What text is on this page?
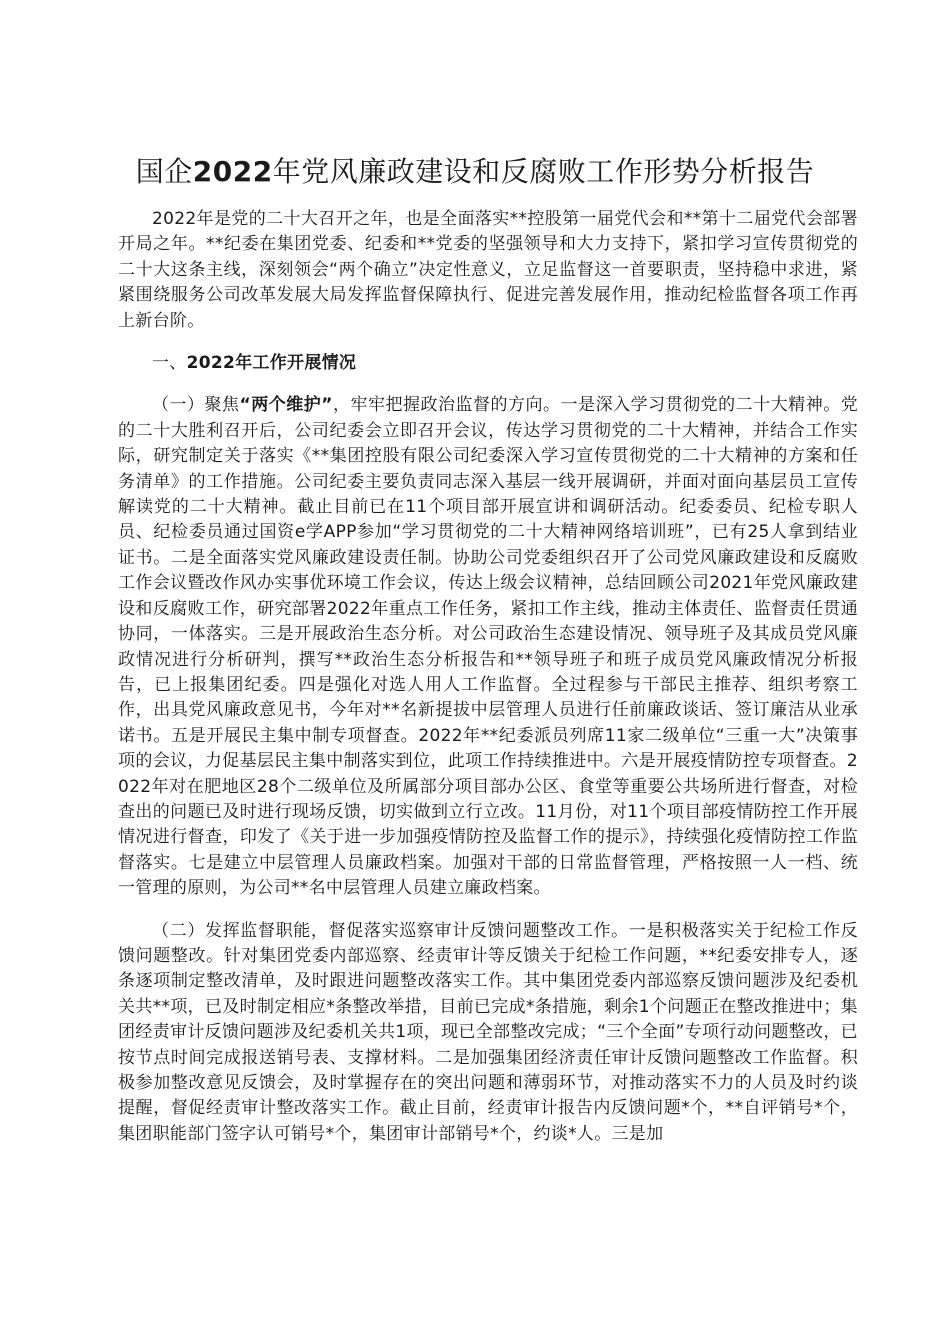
国企2022年党风廉政建设和反腐败工作形势分析报告

2022年是党的二十大召开之年，也是全面落实**控股第一届党代会和**第十二届党代会部署开局之年。**纪委在集团党委、纪委和**党委的坚强领导和大力支持下，紧扣学习宣传贯彻党的二十大这条主线，深刻领会“两个确立”决定性意义，立足监督这一首要职责，坚持稳中求进，紧紧围绕服务公司改革发展大局发挥监督保障执行、促进完善发展作用，推动纪检监督各项工作再上新台阶。

一、2022年工作开展情况

（一）聚焦“两个维护”，牢牢把握政治监督的方向。一是深入学习贯彻党的二十大精神。党的二十大胜利召开后，公司纪委会立即召开会议，传达学习贯彻党的二十大精神，并结合工作实际，研究制定关于落实《**集团控股有限公司纪委深入学习宣传贯彻党的二十大精神的方案和任务清单》的工作措施。公司纪委主要负责同志深入基层一线开展调研，并面对面向基层员工宣传解读党的二十大精神。截止目前已在11个项目部开展宣讲和调研活动。纪委委员、纪检专职人员、纪检委员通过国资e学APP参加“学习贯彻党的二十大精神网络培训班”，已有25人拿到结业证书。二是全面落实党风廉政建设责任制。协助公司党委组织召开了公司党风廉政建设和反腐败工作会议暨改作风办实事优环境工作会议，传达上级会议精神，总结回顾公司2021年党风廉政建设和反腐败工作，研究部署2022年重点工作任务，紧扣工作主线，推动主体责任、监督责任贯通协同，一体落实。三是开展政治生态分析。对公司政治生态建设情况、领导班子及其成员党风廉政情况进行分析研判，撰写**政治生态分析报告和**领导班子和班子成员党风廉政情况分析报告，已上报集团纪委。四是强化对选人用人工作监督。全过程参与干部民主推荐、组织考察工作，出具党风廉政意见书，今年对**名新提拔中层管理人员进行任前廉政谈话、签订廉洁从业承诺书。五是开展民主集中制专项督查。2022年**纪委派员列席11家二级单位“三重一大”决策事项的会议，力促基层民主集中制落实到位，此项工作持续推进中。六是开展疫情防控专项督查。2022年对在肥地区28个二级单位及所属部分项目部办公区、食堂等重要公共场所进行督查，对检查出的问题已及时进行现场反馈，切实做到立行立改。11月份，对11个项目部疫情防控工作开展情况进行督查，印发了《关于进一步加强疫情防控及监督工作的提示》，持续强化疫情防控工作监督落实。七是建立中层管理人员廉政档案。加强对干部的日常监督管理，严格按照一人一档、统一管理的原则，为公司**名中层管理人员建立廉政档案。

（二）发挥监督职能，督促落实巡察审计反馈问题整改工作。一是积极落实关于纪检工作反馈问题整改。针对集团党委内部巡察、经责审计等反馈关于纪检工作问题，**纪委安排专人，逐条逐项制定整改清单，及时跟进问题整改落实工作。其中集团党委内部巡察反馈问题涉及纪委机关共**项，已及时制定相应*条整改举措，目前已完成*条措施，剩余1个问题正在整改推进中；集团经责审计反馈问题涉及纪委机关共1项，现已全部整改完成；“三个全面”专项行动问题整改，已按节点时间完成报送销号表、支撑材料。二是加强集团经济责任审计反馈问题整改工作监督。积极参加整改意见反馈会，及时掌握存在的突出问题和薄弱环节，对推动落实不力的人员及时约谈提醒，督促经责审计整改落实工作。截止目前，经责审计报告内反馈问题*个，**自评销号*个，集团职能部门签字认可销号*个，集团审计部销号*个，约谈*人。三是加
